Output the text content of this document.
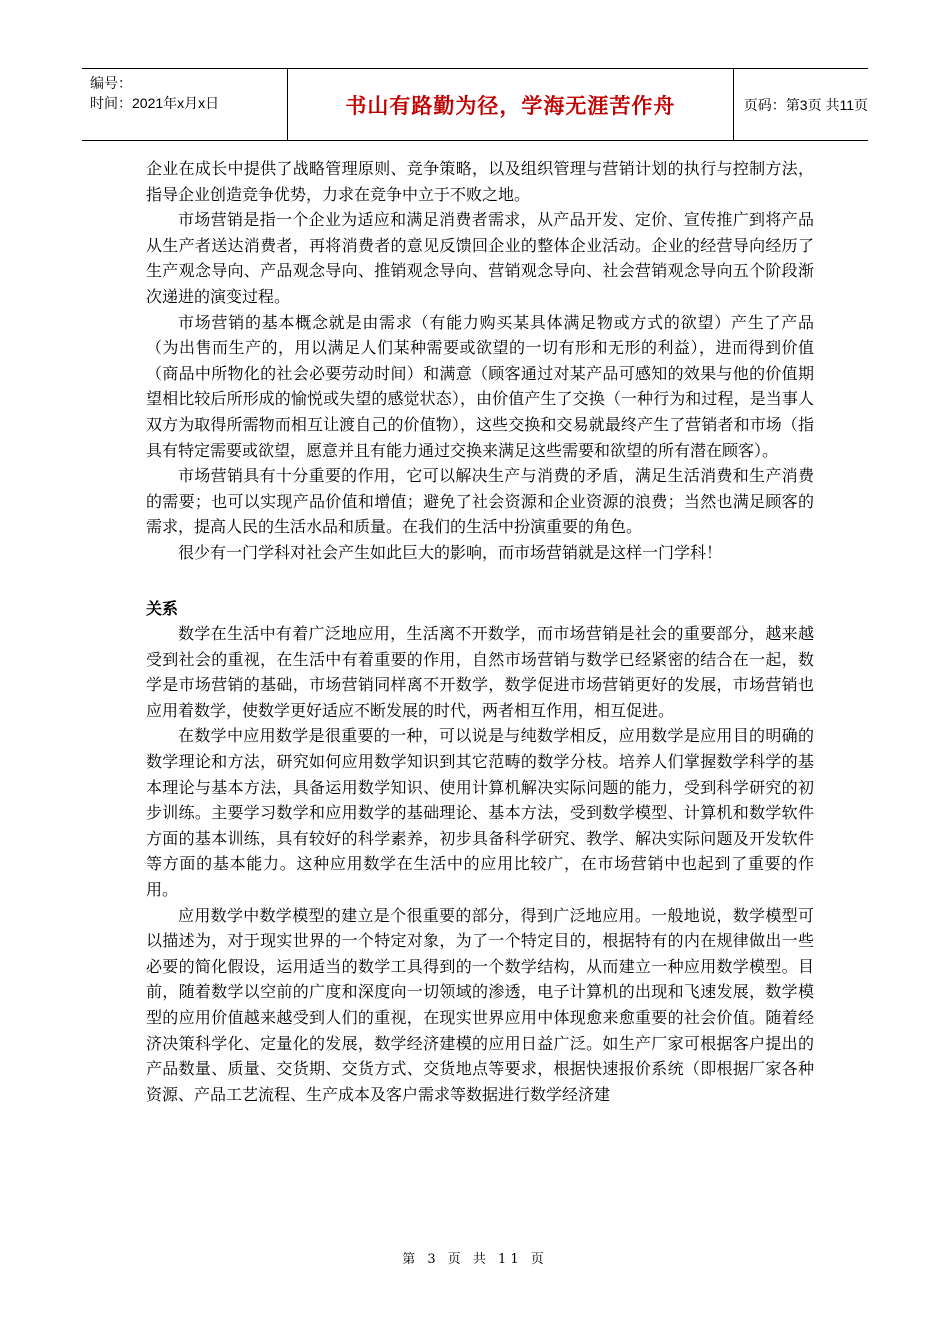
编号：
时间：2021年x月x日	书山有路勤为径，学海无涯苦作舟	页码：第3页 共11页

企业在成长中提供了战略管理原则、竞争策略，以及组织管理与营销计划的执行与控制方法，指导企业创造竞争优势，力求在竞争中立于不败之地。

市场营销是指一个企业为适应和满足消费者需求，从产品开发、定价、宣传推广到将产品从生产者送达消费者，再将消费者的意见反馈回企业的整体企业活动。企业的经营导向经历了生产观念导向、产品观念导向、推销观念导向、营销观念导向、社会营销观念导向五个阶段渐次递进的演变过程。

市场营销的基本概念就是由需求（有能力购买某具体满足物或方式的欲望）产生了产品（为出售而生产的，用以满足人们某种需要或欲望的一切有形和无形的利益），进而得到价值（商品中所物化的社会必要劳动时间）和满意（顾客通过对某产品可感知的效果与他的价值期望相比较后所形成的愉悦或失望的感觉状态），由价值产生了交换（一种行为和过程，是当事人双方为取得所需物而相互让渡自己的价值物），这些交换和交易就最终产生了营销者和市场（指具有特定需要或欲望，愿意并且有能力通过交换来满足这些需要和欲望的所有潜在顾客）。

市场营销具有十分重要的作用，它可以解决生产与消费的矛盾，满足生活消费和生产消费的需要；也可以实现产品价值和增值；避免了社会资源和企业资源的浪费；当然也满足顾客的需求，提高人民的生活水品和质量。在我们的生活中扮演重要的角色。

很少有一门学科对社会产生如此巨大的影响，而市场营销就是这样一门学科！

关系

数学在生活中有着广泛地应用，生活离不开数学，而市场营销是社会的重要部分，越来越受到社会的重视，在生活中有着重要的作用，自然市场营销与数学已经紧密的结合在一起，数学是市场营销的基础，市场营销同样离不开数学，数学促进市场营销更好的发展，市场营销也应用着数学，使数学更好适应不断发展的时代，两者相互作用，相互促进。

在数学中应用数学是很重要的一种，可以说是与纯数学相反，应用数学是应用目的明确的数学理论和方法，研究如何应用数学知识到其它范畴的数学分枝。培养人们掌握数学科学的基本理论与基本方法，具备运用数学知识、使用计算机解决实际问题的能力，受到科学研究的初步训练。主要学习数学和应用数学的基础理论、基本方法，受到数学模型、计算机和数学软件方面的基本训练，具有较好的科学素养，初步具备科学研究、教学、解决实际问题及开发软件等方面的基本能力。这种应用数学在生活中的应用比较广，在市场营销中也起到了重要的作用。

应用数学中数学模型的建立是个很重要的部分，得到广泛地应用。一般地说，数学模型可以描述为，对于现实世界的一个特定对象，为了一个特定目的，根据特有的内在规律做出一些必要的简化假设，运用适当的数学工具得到的一个数学结构，从而建立一种应用数学模型。目前，随着数学以空前的广度和深度向一切领域的渗透，电子计算机的出现和飞速发展，数学模型的应用价值越来越受到人们的重视，在现实世界应用中体现愈来愈重要的社会价值。随着经济决策科学化、定量化的发展，数学经济建模的应用日益广泛。如生产厂家可根据客户提出的产品数量、质量、交货期、交货方式、交货地点等要求，根据快速报价系统（即根据厂家各种资源、产品工艺流程、生产成本及客户需求等数据进行数学经济建

第 3 页 共 11 页
